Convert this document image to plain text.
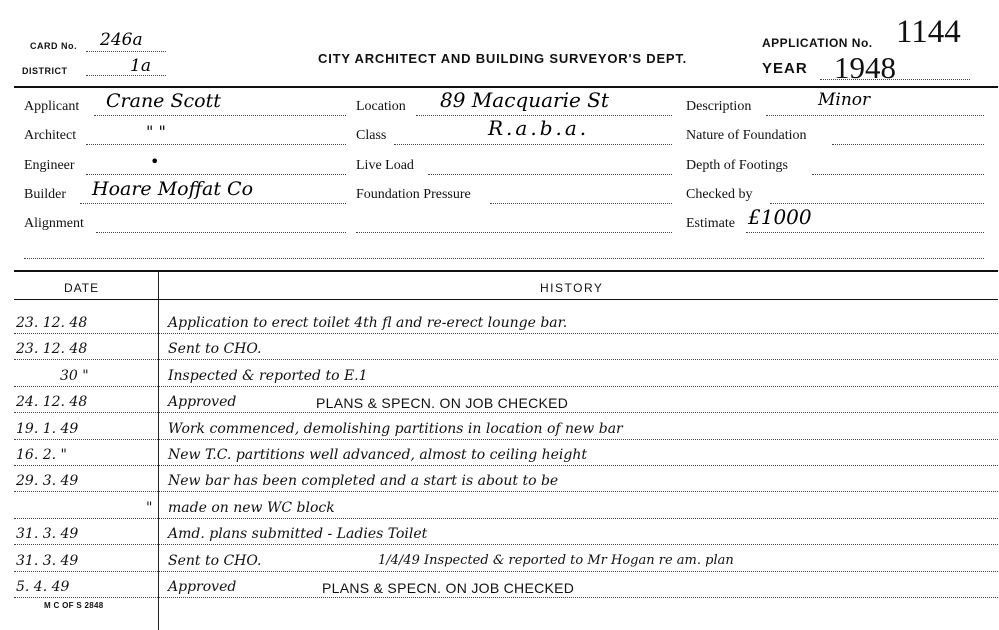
CARD No. 246a
DISTRICT	1a	CITY ARCHITECT AND BUILDING SURVEYOR'S DEPT.
APPLICATION No. 1144
YEAR 1948
Applicant Crane Scott
Architect	" "
Engineer	•
Builder Hoare Moffat Co
Alignment
Location 89 Macquarie St
Class	R.a.b.a.
Live Load
Foundation Pressure
Description	Minor
Nature of Foundation
Depth of Footings
Checked by
Estimate £1000
DATE	HISTORY
23. 12. 48	Application to erect toilet 4th fl and re-erect lounge bar.
23. 12. 48	Sent to CHO.
30 "	Inspected & reported to E.1
24. 12. 48	Approved	PLANS & SPECN. ON JOB CHECKED
19. 1. 49	Work commenced, demolishing partitions in location of new bar
16. 2. "	New T.C. partitions well advanced, almost to ceiling height
29. 3. 49	New bar has been completed and a start is about to be
"	made on new WC block
31. 3. 49	Amd. plans submitted - Ladies Toilet
31. 3. 49	Sent to CHO.	1/4/49 Inspected & reported to Mr Hogan re am. plan
5. 4. 49	Approved	PLANS & SPECN. ON JOB CHECKED
M C OF S 2848
